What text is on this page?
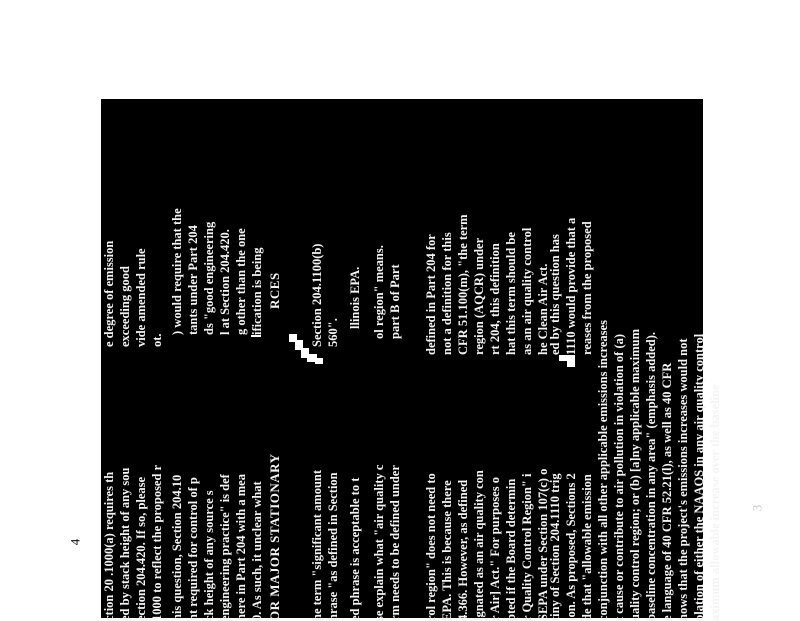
4
3
ction 20 .1000(a) requires th ed by stack height of any sou ection 204.420. If so, please 1000 to reflect the proposed r
e degree of emission exceeding good vide amended rule ot.
his question, Section 204.10 nt required for control of p ck height of any source s engineering practice" is def here in Part 204 with a mea 0. As such, it unclear what
) would require that the tants under Part 204 ds "good engineering l at Section 204.420. g other than the one ification is being
OR MAJOR STATIONARY
RCES
he term "significant amount hrase "as defined in Section
Section 204.1100(b) 560".
ed phrase is acceptable to t
llinois EPA.
se explain what "air quality c rm needs to be defined under
ol region" means. part B of Part
rol region" does not need to EPA. This is because there 4.366. However, as defined ignated as an air quality con r Air] Act." For purposes o pted if the Board determin r Quality Control Region" i SEPA under Section 107(c) o
defined in Part 204 for not a definition for this CFR 51.100(m), "the term region (AQCR) under rt 204, this definition hat this term should be as an air quality control he Clean Air Act.
tiny of Section 204.1110 trig ion. As proposed, Sections 2 de that "allowable emission conjunction with all other applicable emissions increases t cause or contribute to air pollution in violation of (a) uality control region; or (b) [a]ny applicable maximum baseline concentration in any area" (emphasis added). e language of 40 CFR 52.21(l), as well as 40 CFR hows that the project's emissions increases would not olation of either the NAAQS in any air quality control aximum allowable increase over the baseline
ed by this question has 1110 would provide that a reases from the proposed
